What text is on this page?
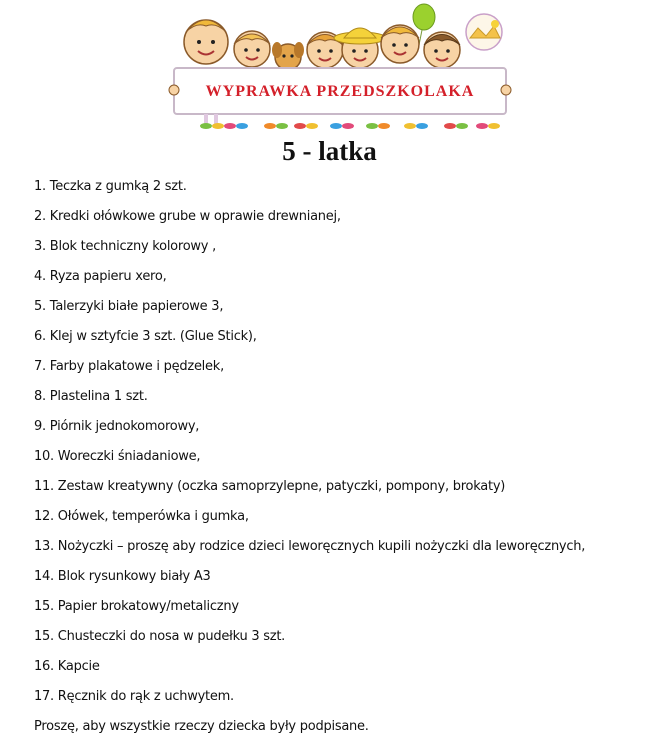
WYPRAWKA PRZEDSZKOLAKA
5 - latka
1. Teczka z gumką 2 szt.
2. Kredki ołówkowe grube w oprawie drewnianej,
3. Blok techniczny kolorowy ,
4. Ryza papieru xero,
5. Talerzyki białe papierowe 3,
6. Klej w sztyfcie 3 szt. (Glue Stick),
7. Farby plakatowe i pędzelek,
8. Plastelina 1 szt.
9. Piórnik jednokomorowy,
10. Woreczki śniadaniowe,
11. Zestaw kreatywny (oczka samoprzylepne, patyczki, pompony, brokaty)
12. Ołówek, temperówka i gumka,
13. Nożyczki – proszę aby rodzice dzieci leworęcznych kupili nożyczki dla leworęcznych,
14. Blok rysunkowy biały A3
15. Papier brokatowy/metaliczny
15. Chusteczki do nosa w pudełku 3 szt.
16. Kapcie
17. Ręcznik do rąk z uchwytem.
Proszę, aby wszystkie rzeczy dziecka były podpisane.
